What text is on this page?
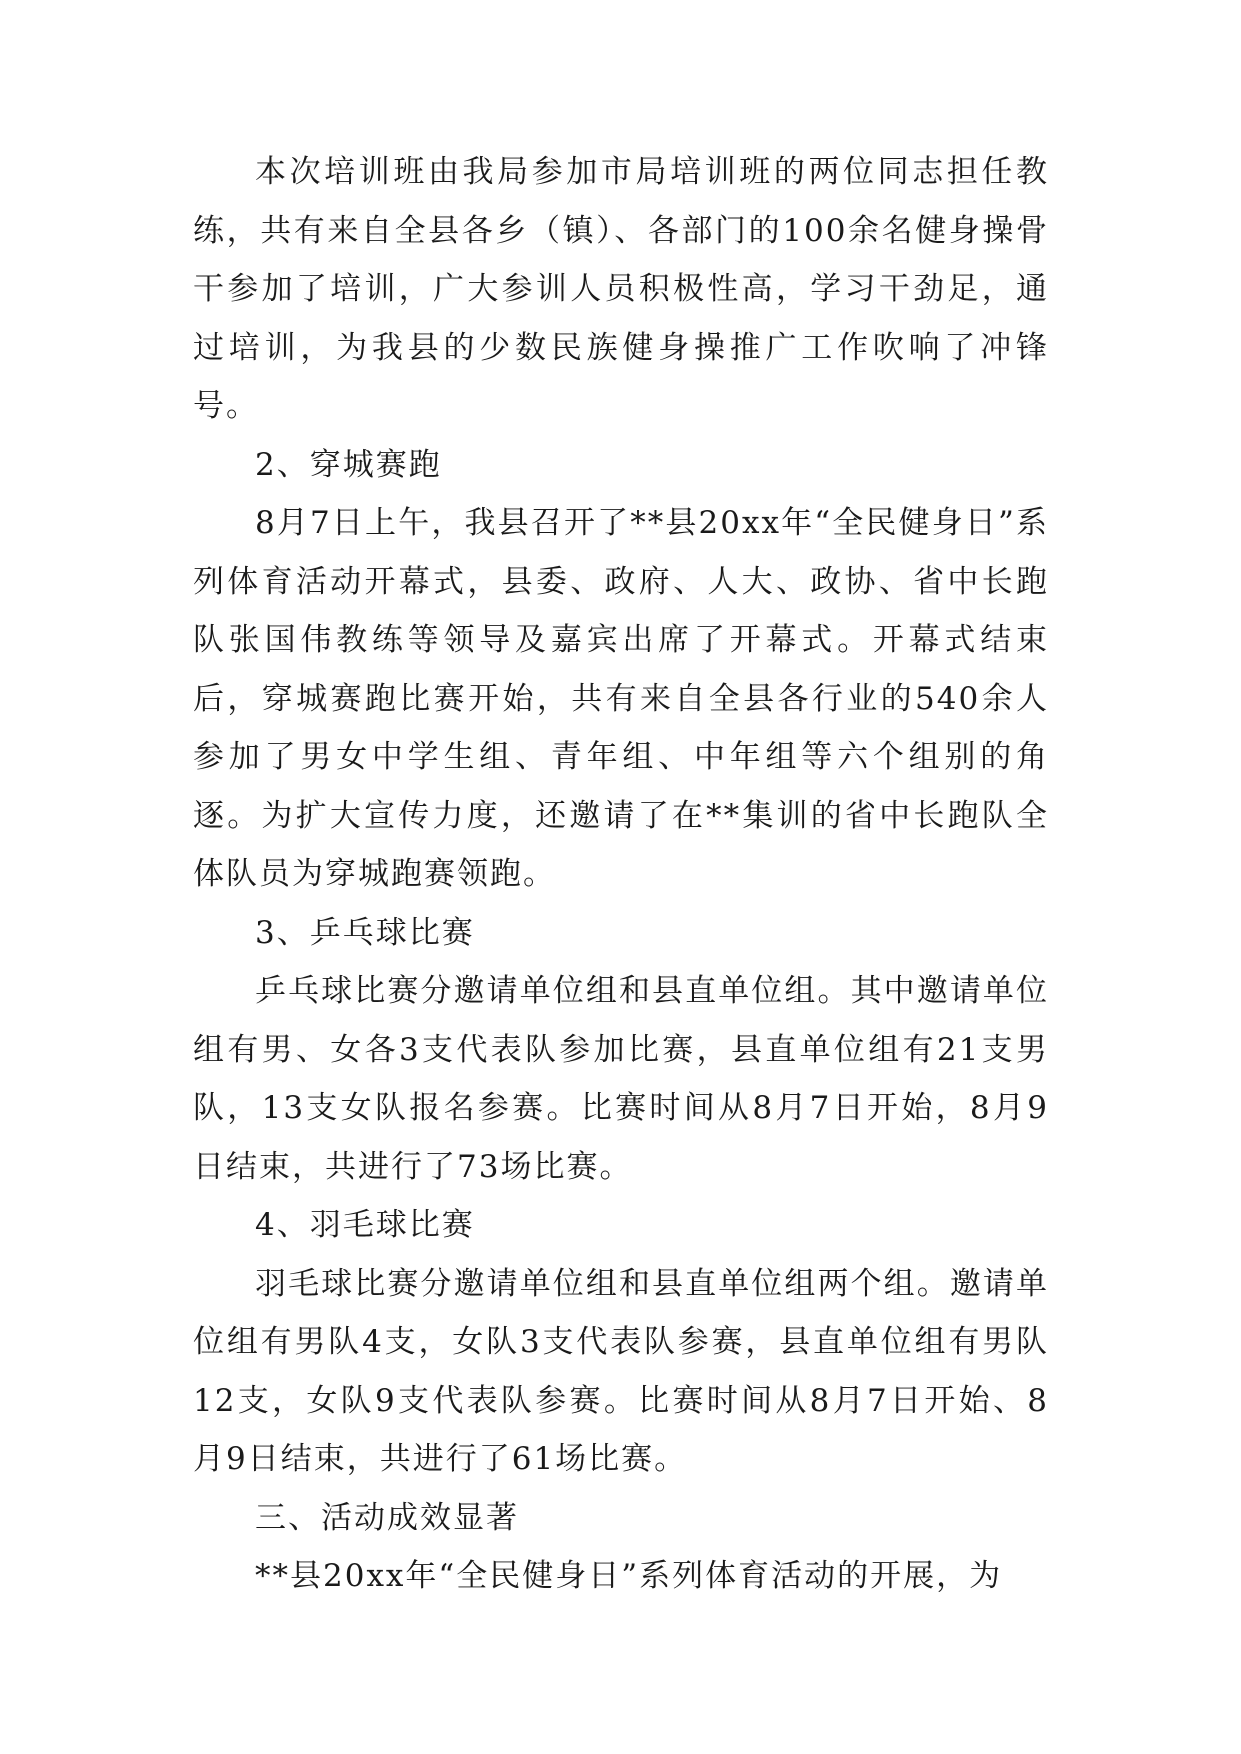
本次培训班由我局参加市局培训班的两位同志担任教练，共有来自全县各乡（镇）、各部门的100余名健身操骨干参加了培训，广大参训人员积极性高，学习干劲足，通过培训，为我县的少数民族健身操推广工作吹响了冲锋号。

2、穿城赛跑

8月7日上午，我县召开了**县20xx年“全民健身日”系列体育活动开幕式，县委、政府、人大、政协、省中长跑队张国伟教练等领导及嘉宾出席了开幕式。开幕式结束后，穿城赛跑比赛开始，共有来自全县各行业的540余人参加了男女中学生组、青年组、中年组等六个组别的角逐。为扩大宣传力度，还邀请了在**集训的省中长跑队全体队员为穿城跑赛领跑。

3、乒乓球比赛

乒乓球比赛分邀请单位组和县直单位组。其中邀请单位组有男、女各3支代表队参加比赛，县直单位组有21支男队，13支女队报名参赛。比赛时间从8月7日开始，8月9日结束，共进行了73场比赛。

4、羽毛球比赛

羽毛球比赛分邀请单位组和县直单位组两个组。邀请单位组有男队4支，女队3支代表队参赛，县直单位组有男队12支，女队9支代表队参赛。比赛时间从8月7日开始、8月9日结束，共进行了61场比赛。

三、活动成效显著

**县20xx年“全民健身日”系列体育活动的开展，为
